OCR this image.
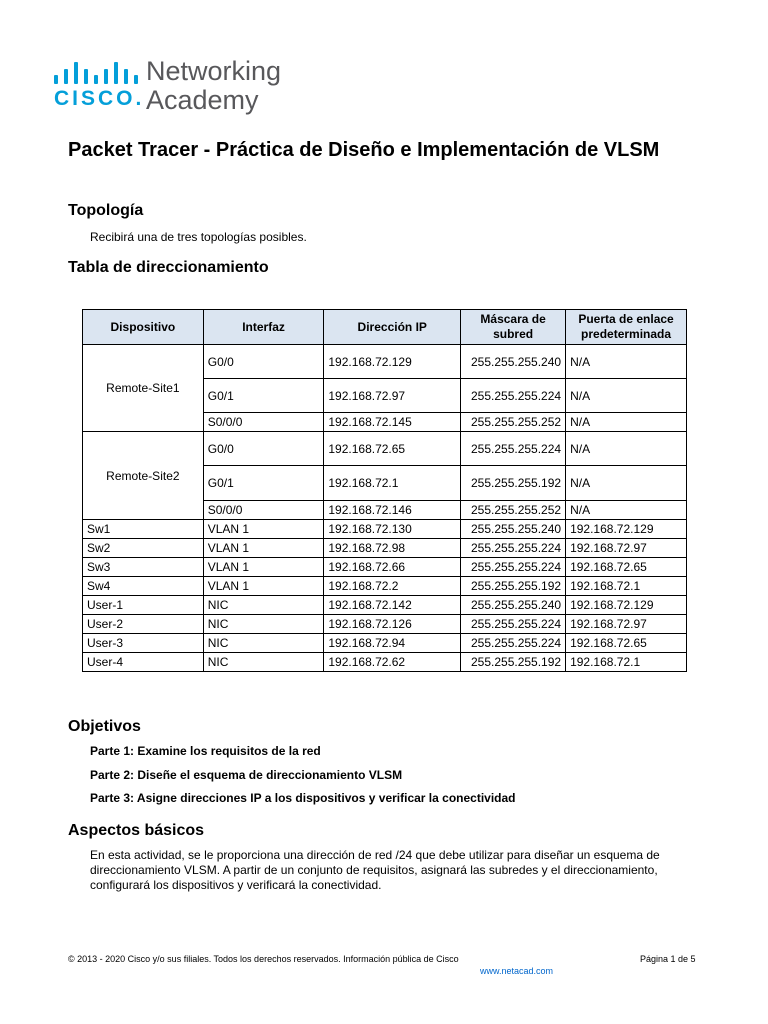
CISCO.
Networking
Academy
Packet Tracer - Práctica de Diseño e Implementación de VLSM
Topología
Recibirá una de tres topologías posibles.
Tabla de direccionamiento
Dispositivo	Interfaz	Dirección IP	Máscara de subred	Puerta de enlace predeterminada
Remote-Site1	G0/0	192.168.72.129	255.255.255.240	N/A
	G0/1	192.168.72.97	255.255.255.224	N/A
	S0/0/0	192.168.72.145	255.255.255.252	N/A
Remote-Site2	G0/0	192.168.72.65	255.255.255.224	N/A
	G0/1	192.168.72.1	255.255.255.192	N/A
	S0/0/0	192.168.72.146	255.255.255.252	N/A
Sw1	VLAN 1	192.168.72.130	255.255.255.240	192.168.72.129
Sw2	VLAN 1	192.168.72.98	255.255.255.224	192.168.72.97
Sw3	VLAN 1	192.168.72.66	255.255.255.224	192.168.72.65
Sw4	VLAN 1	192.168.72.2	255.255.255.192	192.168.72.1
User-1	NIC	192.168.72.142	255.255.255.240	192.168.72.129
User-2	NIC	192.168.72.126	255.255.255.224	192.168.72.97
User-3	NIC	192.168.72.94	255.255.255.224	192.168.72.65
User-4	NIC	192.168.72.62	255.255.255.192	192.168.72.1
Objetivos
Parte 1: Examine los requisitos de la red
Parte 2: Diseñe el esquema de direccionamiento VLSM
Parte 3: Asigne direcciones IP a los dispositivos y verificar la conectividad
Aspectos básicos
En esta actividad, se le proporciona una dirección de red /24 que debe utilizar para diseñar un esquema de direccionamiento VLSM. A partir de un conjunto de requisitos, asignará las subredes y el direccionamiento, configurará los dispositivos y verificará la conectividad.
© 2013 - 2020 Cisco y/o sus filiales. Todos los derechos reservados. Información pública de Cisco	Página 1 de 5
www.netacad.com
